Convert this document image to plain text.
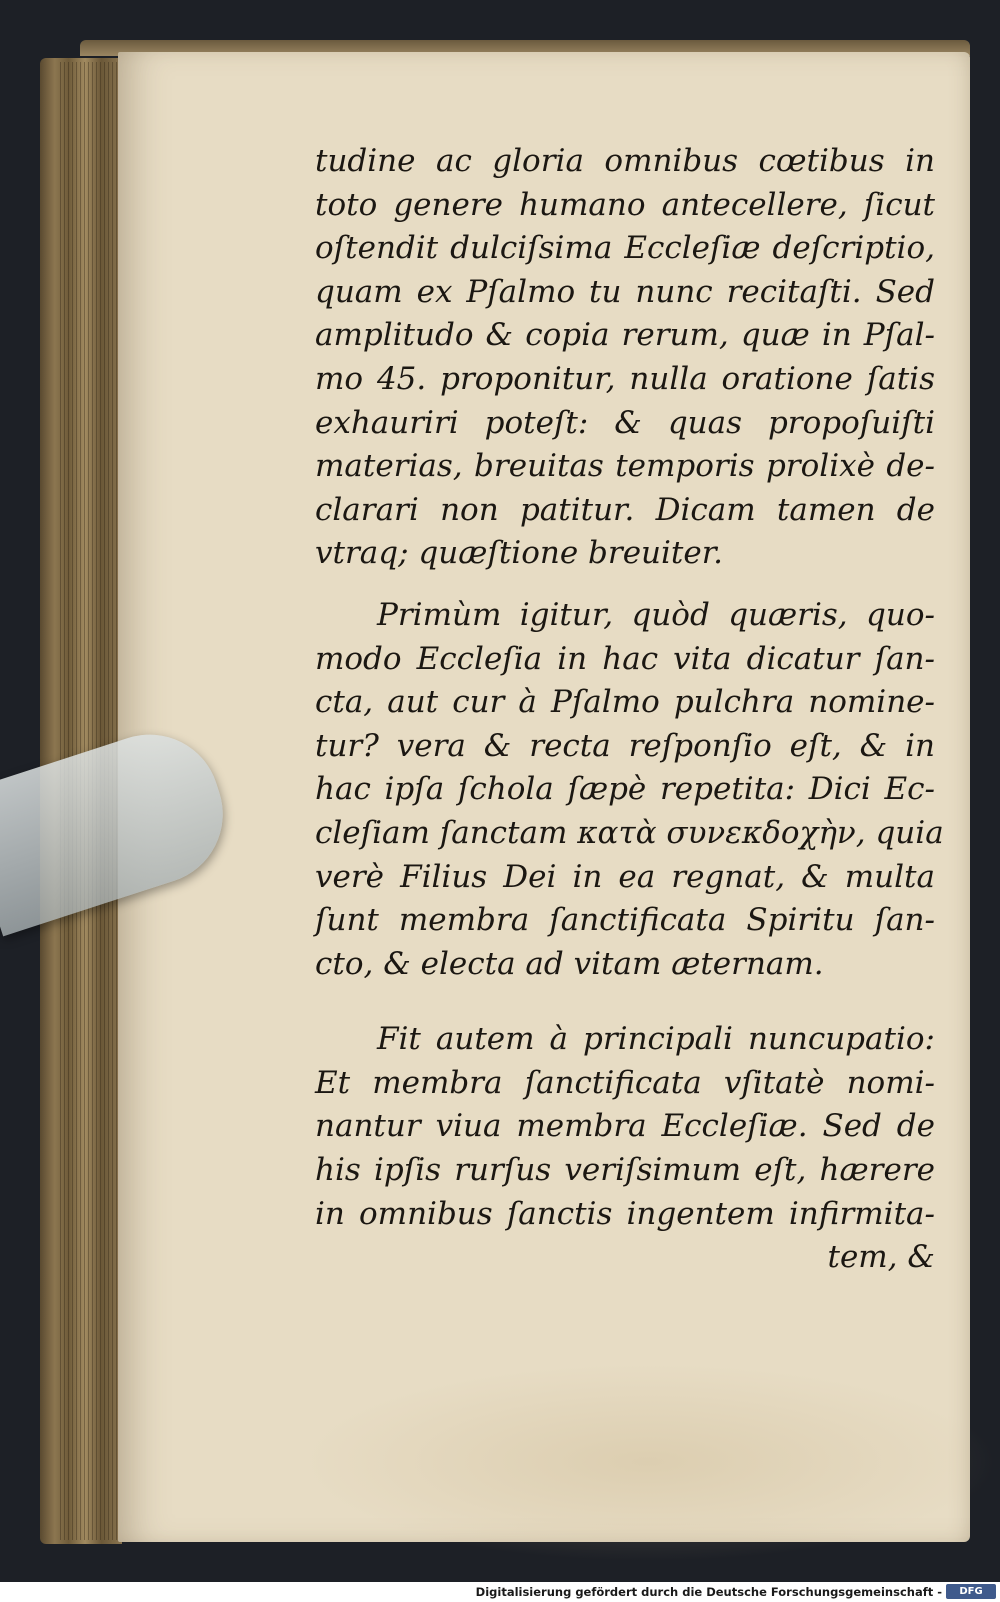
tudine ac gloria omnibus cœtibus in
toto genere humano antecellere, ſicut
oſtendit dulciſsima Eccleſiæ deſcriptio,
quam ex Pſalmo tu nunc recitaſti. Sed
amplitudo & copia rerum, quæ in Pſal-
mo 45. proponitur, nulla oratione ſatis
exhauriri poteſt: & quas propoſuiſti
materias, breuitas temporis prolixè de-
clarari non patitur. Dicam tamen de
vtraq; quæſtione breuiter.
Primùm igitur, quòd quæris, quo-
modo Eccleſia in hac vita dicatur ſan-
cta, aut cur à Pſalmo pulchra nomine-
tur? vera & recta reſponſio eſt, & in
hac ipſa ſchola ſæpè repetita: Dici Ec-
cleſiam ſanctam κατὰ συνεκδοχὴν, quia
verè Filius Dei in ea regnat, & multa
ſunt membra ſanctificata Spiritu ſan-
cto, & electa ad vitam æternam.
Fit autem à principali nuncupatio:
Et membra ſanctificata vſitatè nomi-
nantur viua membra Eccleſiæ. Sed de
his ipſis rurſus veriſsimum eſt, hærere
in omnibus ſanctis ingentem infirmita-
tem, &
Digitalisierung gefördert durch die Deutsche Forschungsgemeinschaft -	DFG
